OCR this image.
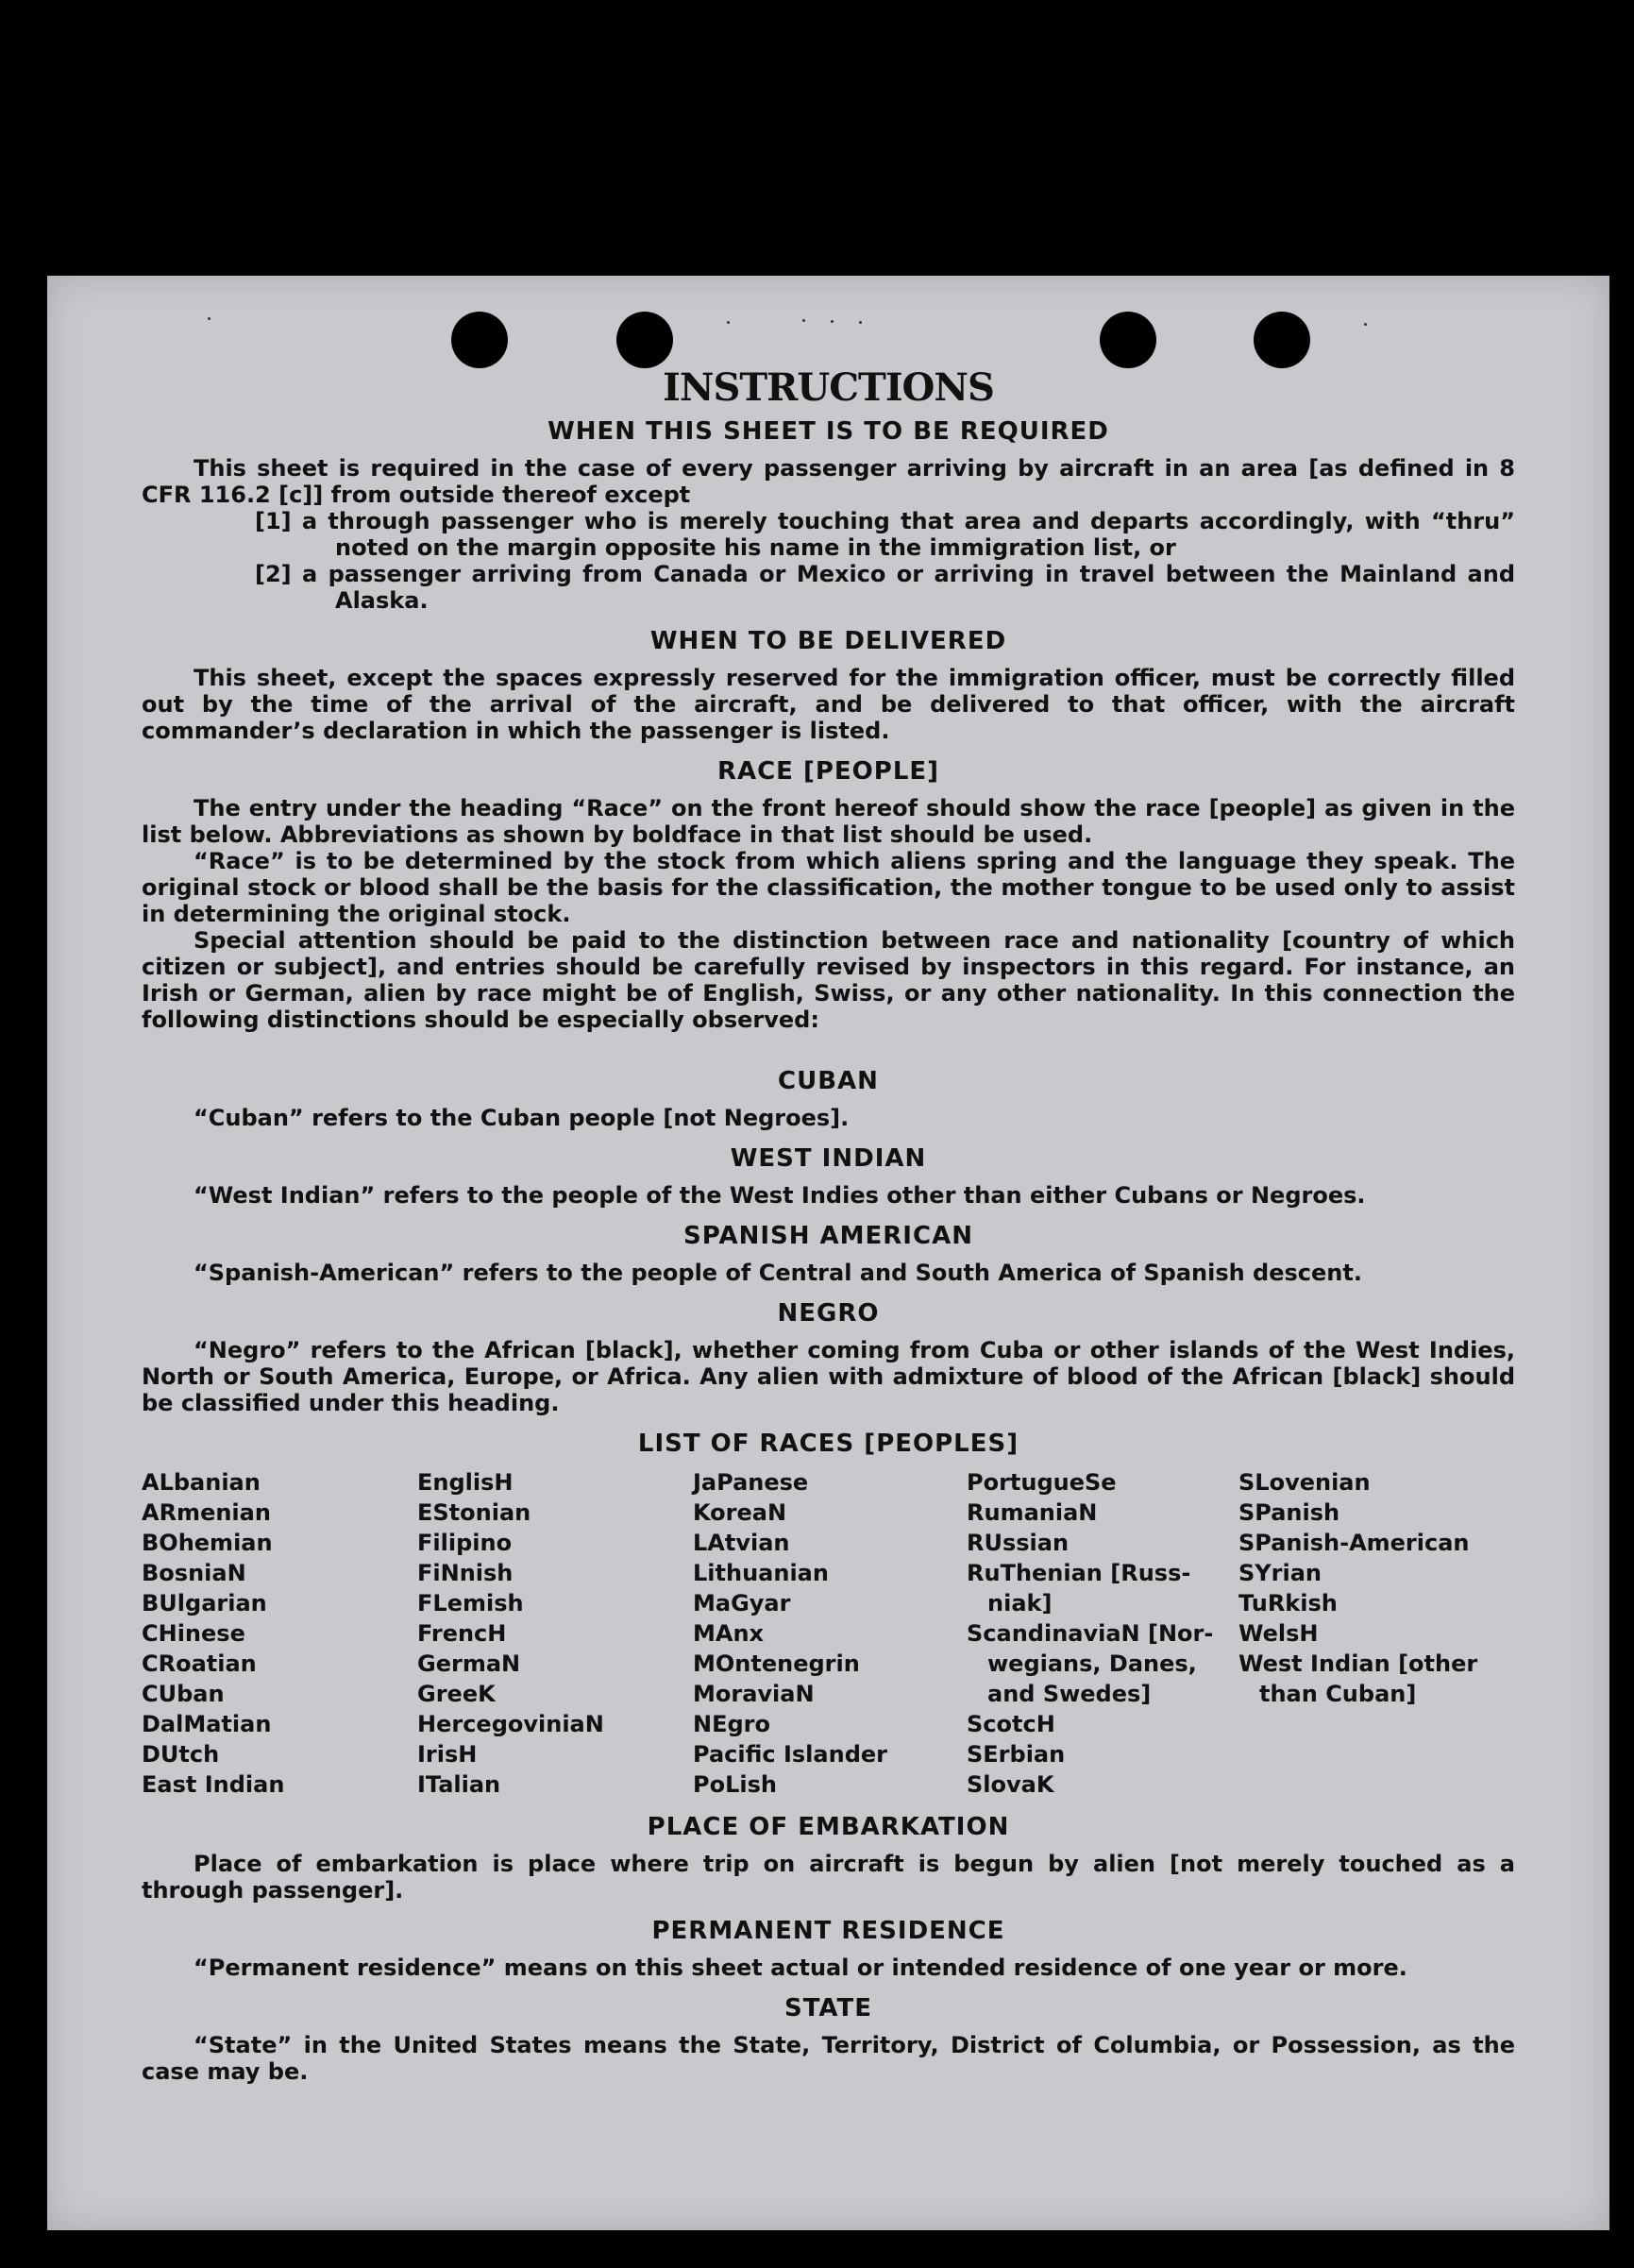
INSTRUCTIONS
WHEN THIS SHEET IS TO BE REQUIRED

This sheet is required in the case of every passenger arriving by aircraft in an area [as defined in 8 CFR 116.2 [c]] from outside thereof except

[1] a through passenger who is merely touching that area and departs accordingly, with “thru” noted on the margin opposite his name in the immigration list, or

[2] a passenger arriving from Canada or Mexico or arriving in travel between the Mainland and Alaska.

WHEN TO BE DELIVERED

This sheet, except the spaces expressly reserved for the immigration officer, must be correctly filled out by the time of the arrival of the aircraft, and be delivered to that officer, with the aircraft commander’s declaration in which the passenger is listed.

RACE [PEOPLE]

The entry under the heading “Race” on the front hereof should show the race [people] as given in the list below. Abbreviations as shown by boldface in that list should be used.

“Race” is to be determined by the stock from which aliens spring and the language they speak. The original stock or blood shall be the basis for the classification, the mother tongue to be used only to assist in determining the original stock.

Special attention should be paid to the distinction between race and nationality [country of which citizen or subject], and entries should be carefully revised by inspectors in this regard. For instance, an Irish or German, alien by race might be of English, Swiss, or any other nationality. In this connection the following distinctions should be especially observed:

CUBAN

“Cuban” refers to the Cuban people [not Negroes].

WEST INDIAN

“West Indian” refers to the people of the West Indies other than either Cubans or Negroes.

SPANISH AMERICAN

“Spanish-American” refers to the people of Central and South America of Spanish descent.

NEGRO

“Negro” refers to the African [black], whether coming from Cuba or other islands of the West Indies, North or South America, Europe, or Africa. Any alien with admixture of blood of the African [black] should be classified under this heading.

LIST OF RACES [PEOPLES]
ALbanian
ARmenian
BOhemian
BosniaN
BUlgarian
CHinese
CRoatian
CUban
DalMatian
DUtch
East Indian
EnglisH
EStonian
Filipino
FiNnish
FLemish
FrencH
GermaN
GreeK
HercegoviniaN
IrisH
ITalian
JaPanese
KoreaN
LAtvian
Lithuanian
MaGyar
MAnx
MOntenegrin
MoraviaN
NEgro
Pacific Islander
PoLish
PortugueSe
RumaniaN
RUssian
RuThenian [Russ-
niak]
ScandinaviaN [Nor-
wegians, Danes,
and Swedes]
ScotcH
SErbian
SlovaK
SLovenian
SPanish
SPanish-American
SYrian
TuRkish
WelsH
West Indian [other
than Cuban]
PLACE OF EMBARKATION

Place of embarkation is place where trip on aircraft is begun by alien [not merely touched as a through passenger].

PERMANENT RESIDENCE

“Permanent residence” means on this sheet actual or intended residence of one year or more.

STATE

“State” in the United States means the State, Territory, District of Columbia, or Possession, as the case may be.
